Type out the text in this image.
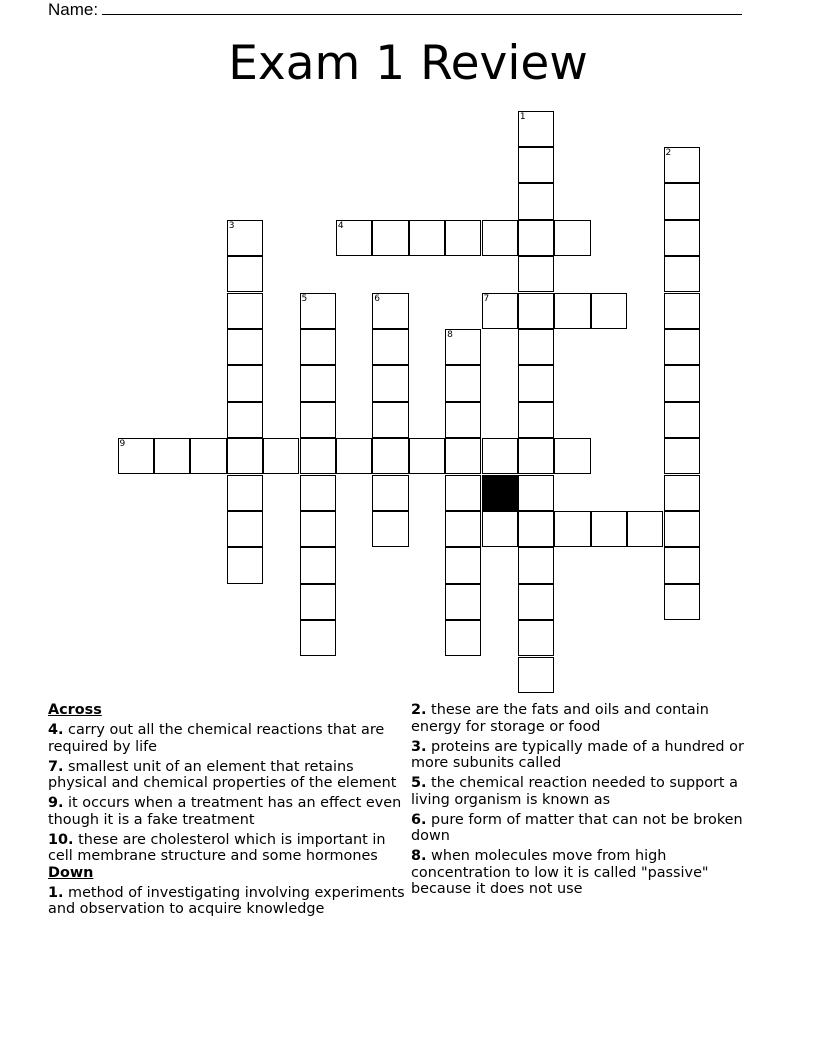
Name:
Exam 1 Review
1
2
3	4
5	6	7
8
9
Across
4. carry out all the chemical reactions that are required by life
7. smallest unit of an element that retains physical and chemical properties of the element
9. it occurs when a treatment has an effect even though it is a fake treatment
10. these are cholesterol which is important in cell membrane structure and some hormones
Down
1. method of investigating involving experiments and observation to acquire knowledge
2. these are the fats and oils and contain energy for storage or food
3. proteins are typically made of a hundred or more subunits called
5. the chemical reaction needed to support a living organism is known as
6. pure form of matter that can not be broken down
8. when molecules move from high concentration to low it is called "passive" because it does not use
